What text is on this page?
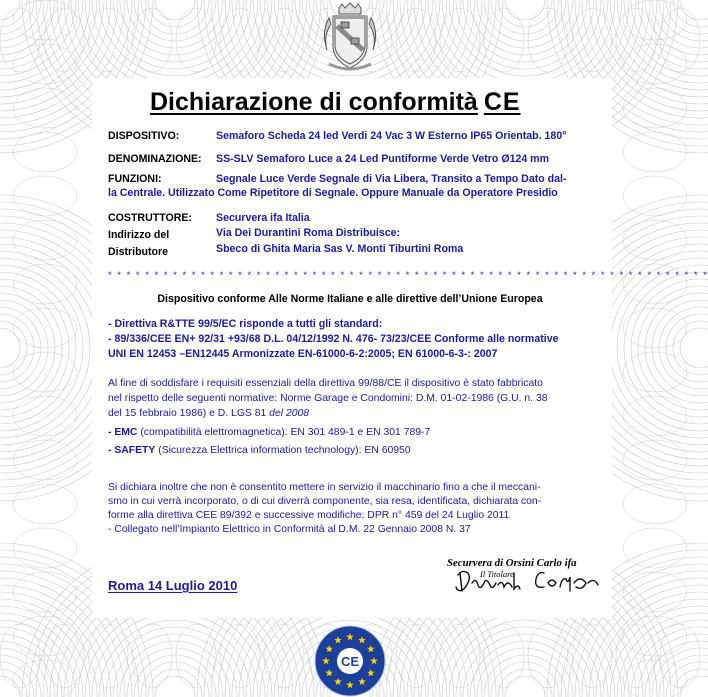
Dichiarazione di conformità CE
DISPOSITIVO:	Semaforo Scheda 24 led Verdi 24 Vac 3 W Esterno IP65 Orientab. 180°
DENOMINAZIONE: SS-SLV Semaforo Luce a 24 Led Puntiforme Verde Vetro Ø124 mm
FUNZIONI:	Segnale Luce Verde Segnale di Via Libera, Transito a Tempo Dato dal-
la Centrale. Utilizzato Come Ripetitore di Segnale. Oppure Manuale da Operatore Presidio
COSTRUTTORE: Securvera ifa Italia
Indirizzo del	Via Dei Durantini Roma Distribuisce:
Distributore	Sbeco di Ghita Maria Sas V. Monti Tiburtini Roma
* * * * * * * * * * * * * * * * * * * * * * * * * * * * * * * * * * * * * * * * * * * * * * * * * * * * * * * * * * * * * * * * *
Dispositivo conforme Alle Norme Italiane e alle direttive dell’Unione Europea
- Direttiva R&TTE 99/5/EC risponde a tutti gli standard:
- 89/336/CEE EN+ 92/31 +93/68 D.L. 04/12/1992 N. 476- 73/23/CEE Conforme alle normative
UNI EN 12453 –EN12445 Armonizzate EN-61000-6-2:2005; EN 61000-6-3-: 2007
Al fine di soddisfare i requisiti essenziali della direttiva 99/88/CE il dispositivo è stato fabbricato
nel rispetto delle seguenti normative: Norme Garage e Condomini: D.M. 01-02-1986 (G.U. n. 38
del 15 febbraio 1986) e D. LGS 81 del 2008
- EMC (compatibilità elettromagnetica): EN 301 489-1 e EN 301 789-7
- SAFETY (Sicurezza Elettrica information technology): EN 60950
Si dichiara inoltre che non è consentito mettere in servizio il macchinario fino a che il meccani-
smo in cui verrà incorporato, o di cui diverrà componente, sia resa, identificata, dichiarata con-
forme alla direttiva CEE 89/392 e successive modifiche: DPR n° 459 del 24 Luglio 2011
- Collegato nell’Impianto Elettrico in Conformità al D.M. 22 Gennaio 2008 N. 37
Roma 14 Luglio 2010
Securvera di Orsini Carlo ifa
Il Titolare
CE
